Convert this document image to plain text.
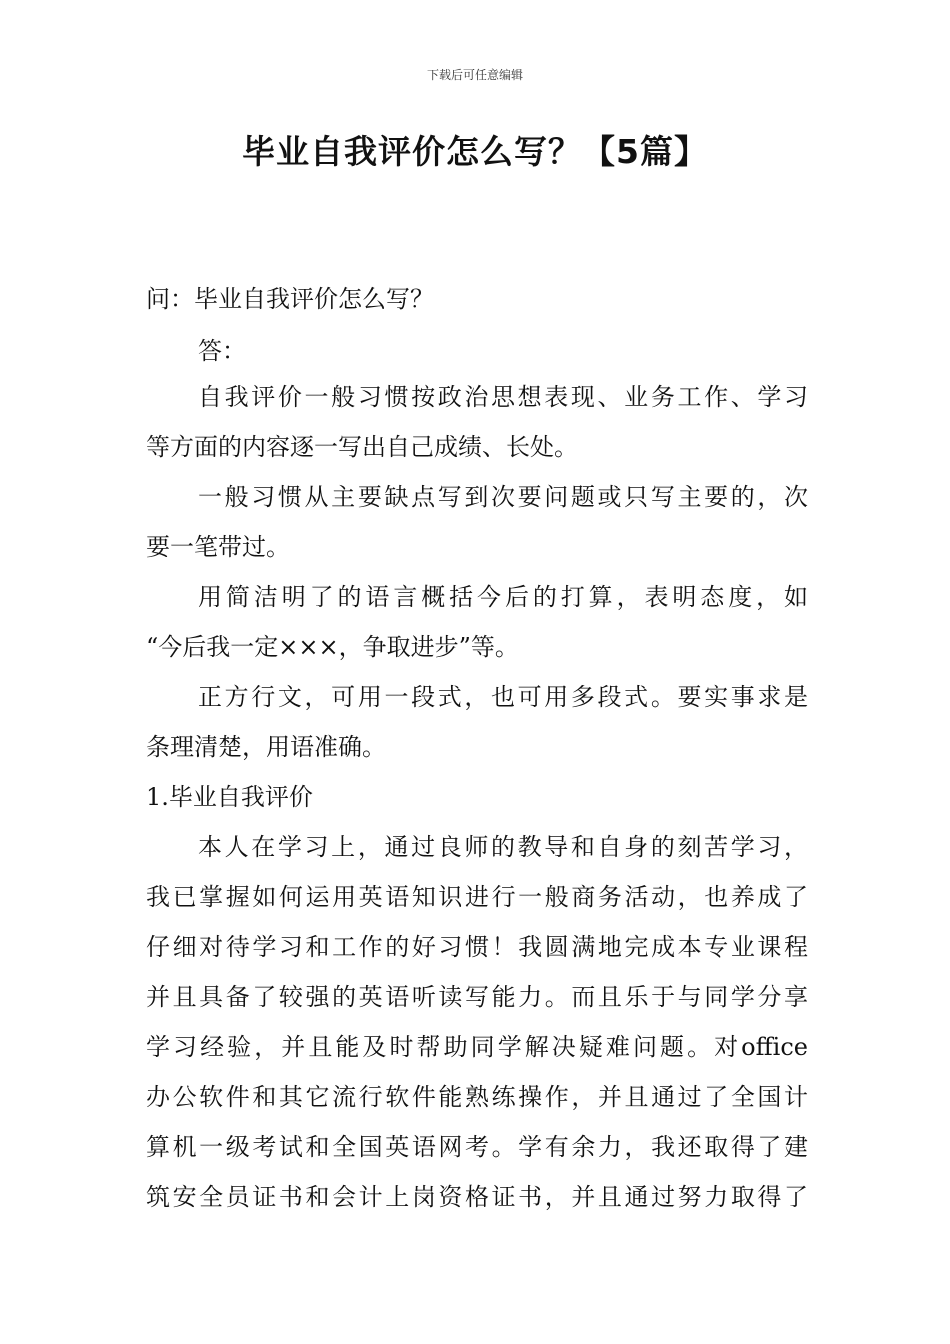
下载后可任意编辑
毕业自我评价怎么写？【5篇】
问：毕业自我评价怎么写？
答：
自我评价一般习惯按政治思想表现、业务工作、学习
等方面的内容逐一写出自己成绩、长处。
一般习惯从主要缺点写到次要问题或只写主要的，次
要一笔带过。
用简洁明了的语言概括今后的打算，表明态度，如
“今后我一定×××，争取进步”等。
正方行文，可用一段式，也可用多段式。要实事求是
条理清楚，用语准确。
1.毕业自我评价
本人在学习上，通过良师的教导和自身的刻苦学习，
我已掌握如何运用英语知识进行一般商务活动，也养成了
仔细对待学习和工作的好习惯！我圆满地完成本专业课程
并且具备了较强的英语听读写能力。而且乐于与同学分享
学习经验，并且能及时帮助同学解决疑难问题。对office
办公软件和其它流行软件能熟练操作，并且通过了全国计
算机一级考试和全国英语网考。学有余力，我还取得了建
筑安全员证书和会计上岗资格证书，并且通过努力取得了
